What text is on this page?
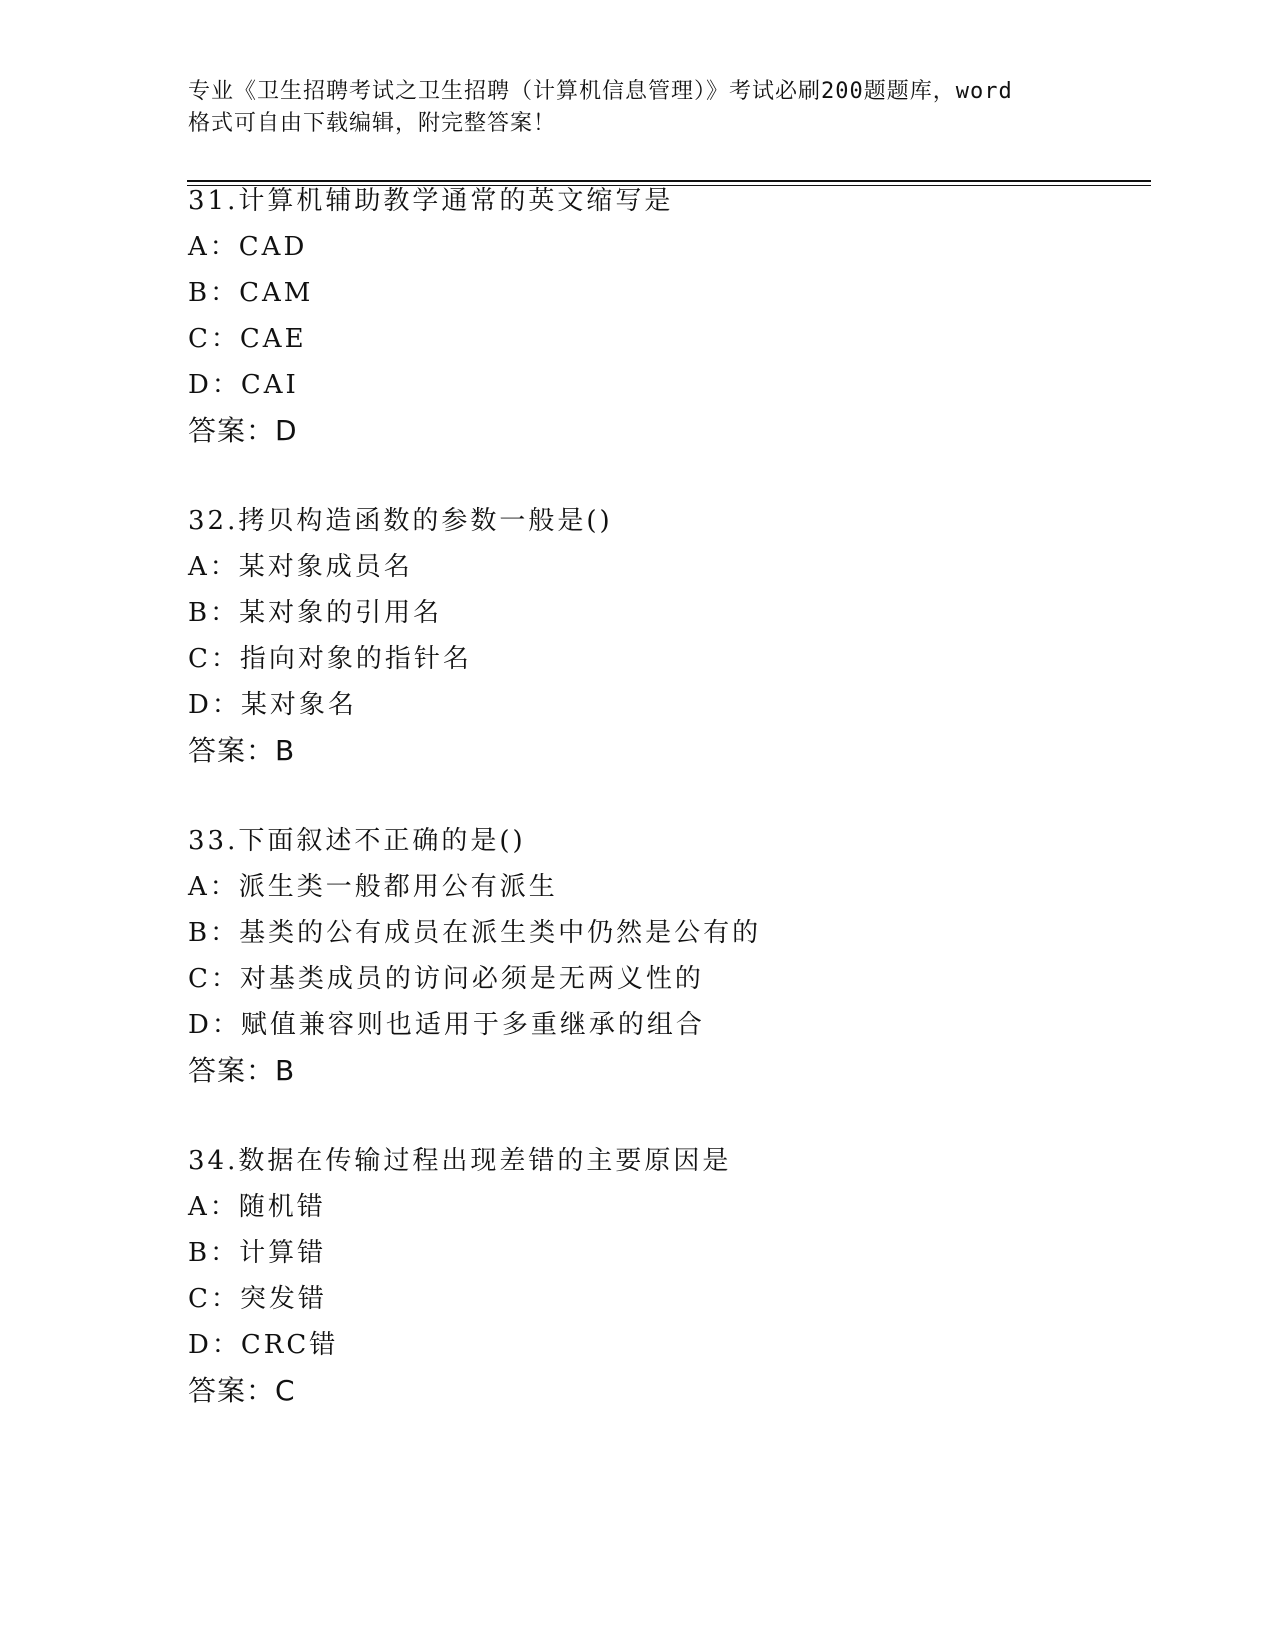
专业《卫生招聘考试之卫生招聘（计算机信息管理）》考试必刷200题题库，word
格式可自由下载编辑，附完整答案！
31.计算机辅助教学通常的英文缩写是
A：CAD
B：CAM
C：CAE
D：CAI
答案：D
32.拷贝构造函数的参数一般是()
A：某对象成员名
B：某对象的引用名
C：指向对象的指针名
D：某对象名
答案：B
33.下面叙述不正确的是()
A：派生类一般都用公有派生
B：基类的公有成员在派生类中仍然是公有的
C：对基类成员的访问必须是无两义性的
D：赋值兼容则也适用于多重继承的组合
答案：B
34.数据在传输过程出现差错的主要原因是
A：随机错
B：计算错
C：突发错
D：CRC错
答案：C
